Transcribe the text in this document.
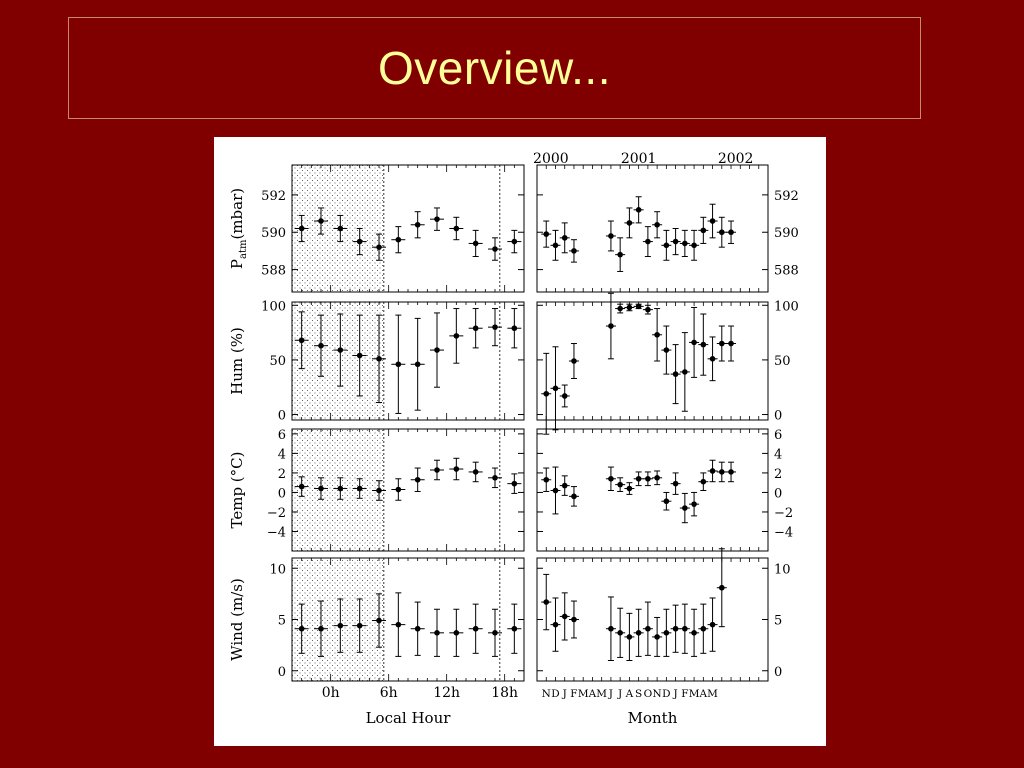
Overview...
588	588
590	590
592	592
$P_{atm}(mbar)$
0	0
50	50
100	100
Hum (%)
−4	−4
−2	−2
0	0
2	2
4	4
6	6
Temp (°C)
0	0
5	5
10	10
Wind (m/s)
2000	2001	2002
0h	6h	12h 18h N D J F M A M J J A S O N D J F M A M
Local Hour	Month
